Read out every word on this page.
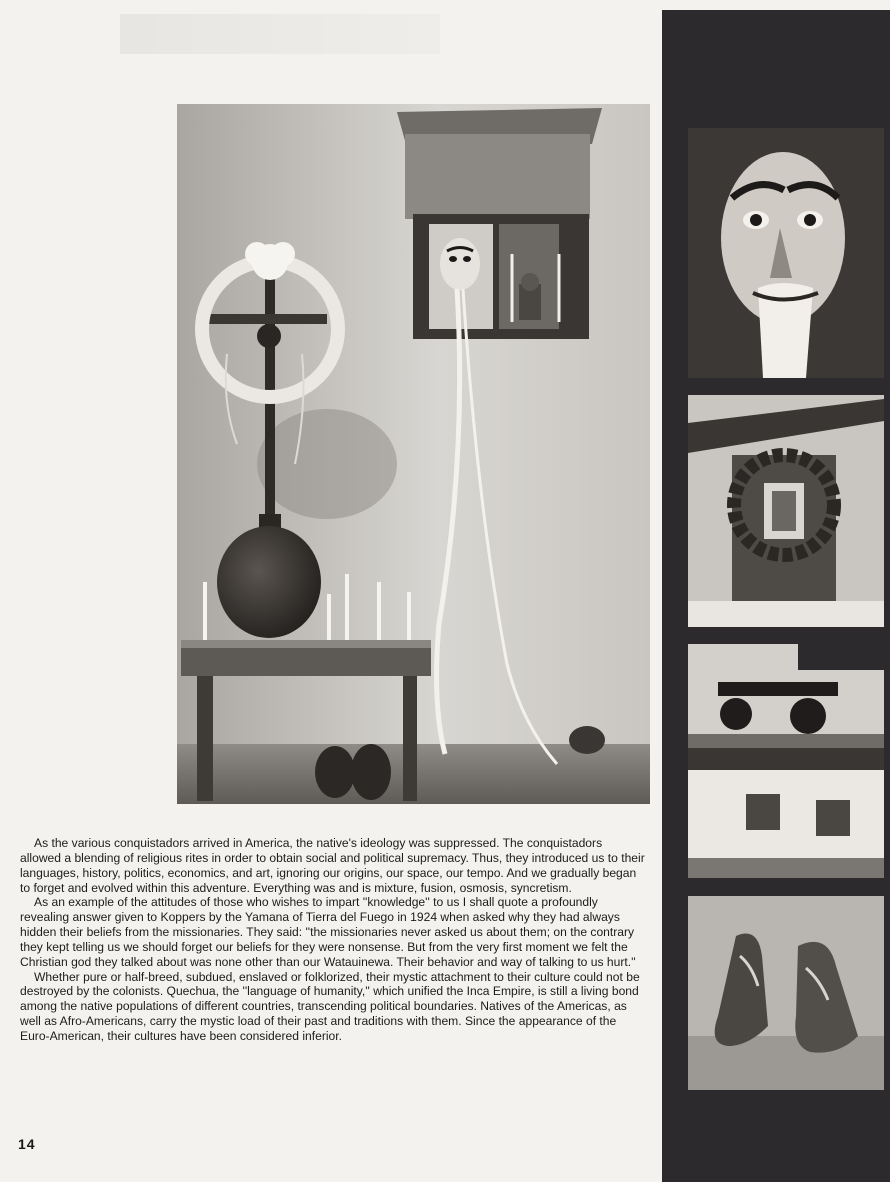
As the various conquistadors arrived in America, the native's ideology was suppressed. The conquistadors allowed a blending of religious rites in order to obtain social and political supremacy. Thus, they introduced us to their languages, history, politics, economics, and art, ignoring our origins, our space, our tempo. And we gradually began to forget and evolved within this adventure. Everything was and is mixture, fusion, osmosis, syncretism.

As an example of the attitudes of those who wishes to impart ''knowledge'' to us I shall quote a profoundly revealing answer given to Koppers by the Yamana of Tierra del Fuego in 1924 when asked why they had always hidden their beliefs from the missionaries. They said: ''the missionaries never asked us about them; on the contrary they kept telling us we should forget our beliefs for they were nonsense. But from the very first moment we felt the Christian god they talked about was none other than our Watauinewa. Their behavior and way of talking to us hurt.''

Whether pure or half-breed, subdued, enslaved or folklorized, their mystic attachment to their culture could not be destroyed by the colonists. Quechua, the ''language of humanity,'' which unified the Inca Empire, is still a living bond among the native populations of different countries, transcending political boundaries. Natives of the Americas, as well as Afro-Americans, carry the mystic load of their past and traditions with them. Since the appearance of the Euro-American, their cultures have been considered inferior.

14
